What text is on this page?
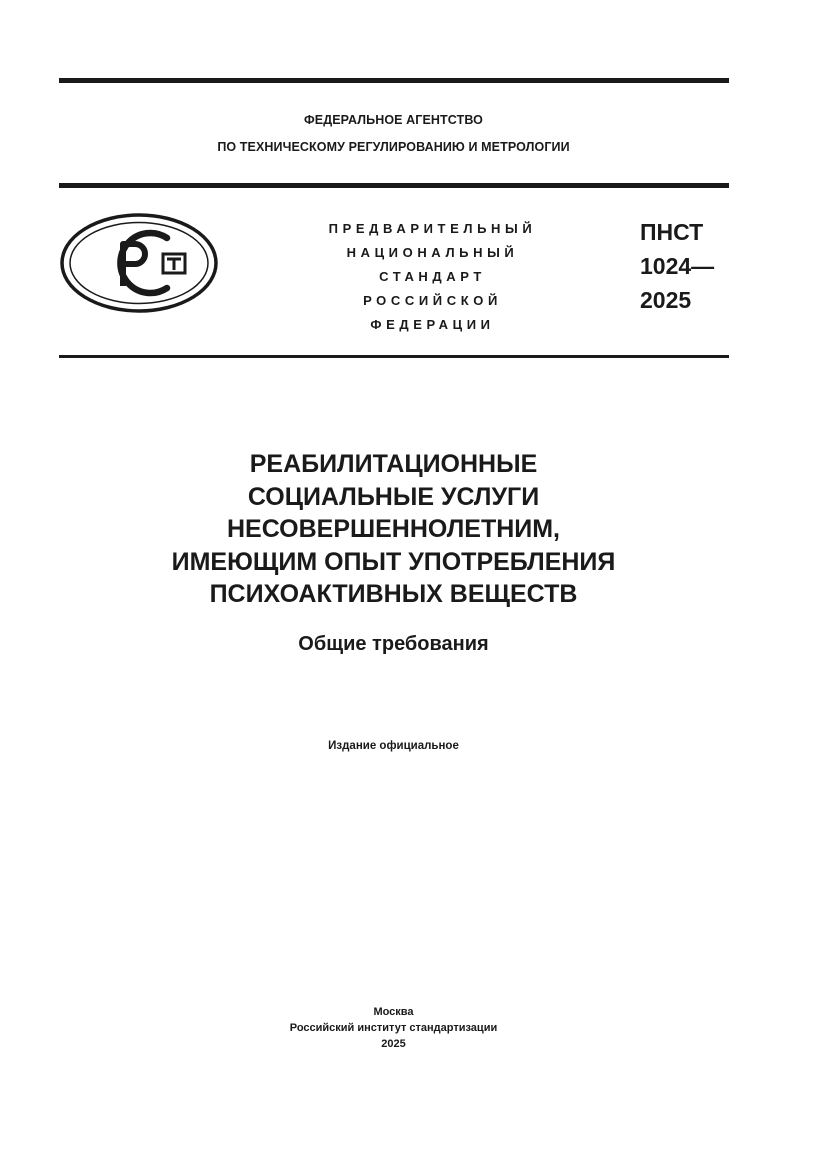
ФЕДЕРАЛЬНОЕ АГЕНТСТВО
ПО ТЕХНИЧЕСКОМУ РЕГУЛИРОВАНИЮ И МЕТРОЛОГИИ
ПРЕДВАРИТЕЛЬНЫЙ
НАЦИОНАЛЬНЫЙ
СТАНДАРТ
РОССИЙСКОЙ
ФЕДЕРАЦИИ
ПНСТ
1024—
2025
РЕАБИЛИТАЦИОННЫЕ
СОЦИАЛЬНЫЕ УСЛУГИ
НЕСОВЕРШЕННОЛЕТНИМ,
ИМЕЮЩИМ ОПЫТ УПОТРЕБЛЕНИЯ
ПСИХОАКТИВНЫХ ВЕЩЕСТВ
Общие требования
Издание официальное
Москва
Российский институт стандартизации
2025
